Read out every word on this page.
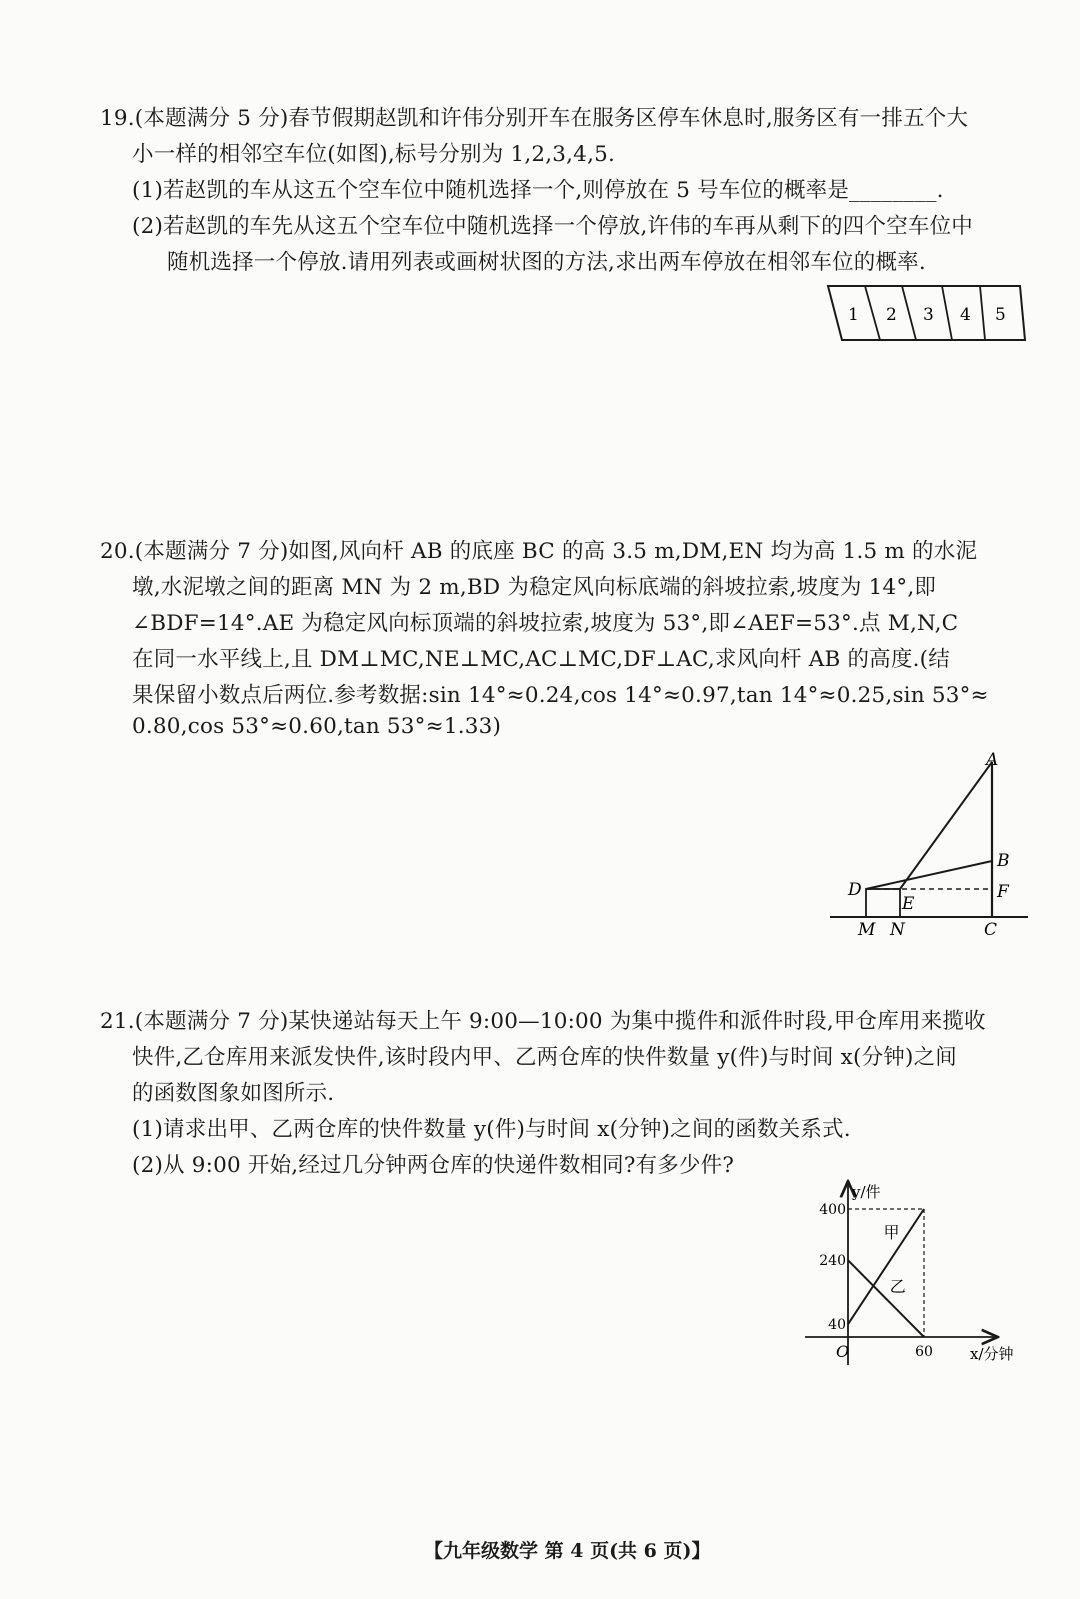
19.(本题满分 5 分)春节假期赵凯和许伟分别开车在服务区停车休息时,服务区有一排五个大
小一样的相邻空车位(如图),标号分别为 1,2,3,4,5.
(1)若赵凯的车从这五个空车位中随机选择一个,则停放在 5 号车位的概率是________.
(2)若赵凯的车先从这五个空车位中随机选择一个停放,许伟的车再从剩下的四个空车位中
随机选择一个停放.请用列表或画树状图的方法,求出两车停放在相邻车位的概率.
1 2 3 4 5
20.(本题满分 7 分)如图,风向杆 AB 的底座 BC 的高 3.5 m,DM,EN 均为高 1.5 m 的水泥
墩,水泥墩之间的距离 MN 为 2 m,BD 为稳定风向标底端的斜坡拉索,坡度为 14°,即
∠BDF=14°.AE 为稳定风向标顶端的斜坡拉索,坡度为 53°,即∠AEF=53°.点 M,N,C
在同一水平线上,且 DM⊥MC,NE⊥MC,AC⊥MC,DF⊥AC,求风向杆 AB 的高度.(结
果保留小数点后两位.参考数据:sin 14°≈0.24,cos 14°≈0.97,tan 14°≈0.25,sin 53°≈
0.80,cos 53°≈0.60,tan 53°≈1.33)
A
B
D
E
F
M N	C
21.(本题满分 7 分)某快递站每天上午 9:00—10:00 为集中揽件和派件时段,甲仓库用来揽收
快件,乙仓库用来派发快件,该时段内甲、乙两仓库的快件数量 y(件)与时间 x(分钟)之间
的函数图象如图所示.
(1)请求出甲、乙两仓库的快件数量 y(件)与时间 x(分钟)之间的函数关系式.
(2)从 9:00 开始,经过几分钟两仓库的快递件数相同?有多少件?
甲
乙
40
240
400
60
O
y/件
x/分钟
【九年级数学 第 4 页(共 6 页)】
